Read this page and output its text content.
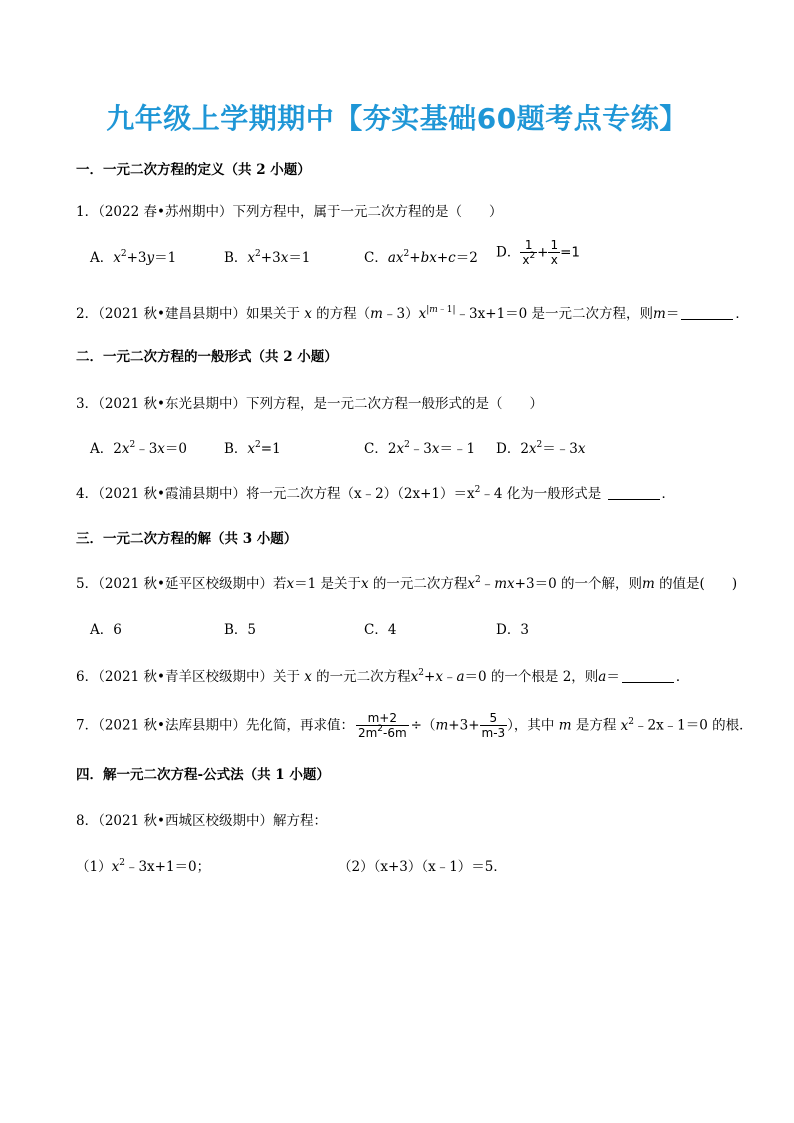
九年级上学期期中【夯实基础60题考点专练】
一．一元二次方程的定义（共 2 小题）
1．（2022 春•苏州期中）下列方程中，属于一元二次方程的是（　　）
A．$x^2+3y=1$	B．$x^2+3x=1$	C．$ax^2+bx+c=2$ D． $\frac{1}{x^2} + \frac{1}{x} =1$
2．（2021 秋•建昌县期中）如果关于 x 的方程$(m﹣3)x^{|m﹣1|}﹣3x+1=0$ 是一元二次方程，则m＝	．
二．一元二次方程的一般形式（共 2 小题）
3．（2021 秋•东光县期中）下列方程，是一元二次方程一般形式的是（　　）
A．$2x^2﹣3x=0$	B．$x^2=1$	C．$2x^2﹣3x=﹣1$ D．$2x^2=﹣3x$
4．（2021 秋•霞浦县期中）将一元二次方程$(x﹣2)(2x+1)=x^2﹣4$ 化为一般形式是	．
三．一元二次方程的解（共 3 小题）
5．（2021 秋•延平区校级期中）若x＝1 是关于x 的一元二次方程$x^2﹣mx+3=0$ 的一个解，则m 的值是(　　)
A．6	B．5	C．4	D．3
6．（2021 秋•青羊区校级期中）关于 x 的一元二次方程$x^2+x﹣a=0$ 的一个根是 2，则a＝	．
7．（2021 秋•法库县期中）先化简，再求值： $\frac{m+2}{2m^2-6m} \div(m+3+ \frac{5}{m-3}$ ），其中 m 是方程 $x^2﹣2x﹣1=0$ 的根．
四．解一元二次方程-公式法（共 1 小题）
8．（2021 秋•西城区校级期中）解方程：
$(1)x^2﹣3x+1=0$；	（2）（x+3）（x﹣1）＝5．
